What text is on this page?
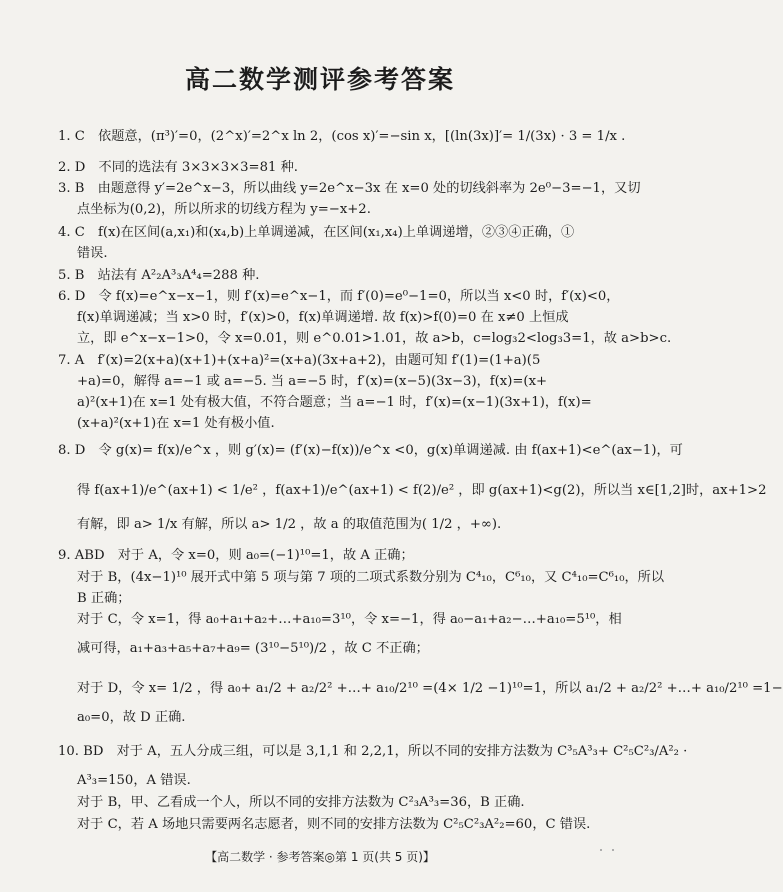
高二数学测评参考答案
1. C　依题意，(π³)′=0，(2^x)′=2^x ln 2，(cos x)′=−sin x，[(ln(3x)]′= 1/(3x) · 3 = 1/x .
2. D　不同的选法有 3×3×3×3=81 种.
3. B　由题意得 y′=2e^x−3，所以曲线 y=2e^x−3x 在 x=0 处的切线斜率为 2e⁰−3=−1，又切
点坐标为(0,2)，所以所求的切线方程为 y=−x+2.
4. C　f(x)在区间(a,x₁)和(x₄,b)上单调递减，在区间(x₁,x₄)上单调递增，②③④正确，①
错误.
5. B　站法有 A²₂A³₃A⁴₄=288 种.
6. D　令 f(x)=e^x−x−1，则 f′(x)=e^x−1，而 f′(0)=e⁰−1=0，所以当 x<0 时，f′(x)<0，
f(x)单调递减；当 x>0 时，f′(x)>0，f(x)单调递增. 故 f(x)>f(0)=0 在 x≠0 上恒成
立，即 e^x−x−1>0，令 x=0.01，则 e^0.01>1.01，故 a>b，c=log₃2<log₃3=1，故 a>b>c.
7. A　f′(x)=2(x+a)(x+1)+(x+a)²=(x+a)(3x+a+2)，由题可知 f′(1)=(1+a)(5
+a)=0，解得 a=−1 或 a=−5. 当 a=−5 时，f′(x)=(x−5)(3x−3)，f(x)=(x+
a)²(x+1)在 x=1 处有极大值，不符合题意；当 a=−1 时，f′(x)=(x−1)(3x+1)，f(x)=
(x+a)²(x+1)在 x=1 处有极小值.
8. D　令 g(x)= f(x)/e^x ，则 g′(x)= (f′(x)−f(x))/e^x <0，g(x)单调递减. 由 f(ax+1)<e^(ax−1)，可
得 f(ax+1)/e^(ax+1) < 1/e² ，f(ax+1)/e^(ax+1) < f(2)/e² ，即 g(ax+1)<g(2)，所以当 x∈[1,2]时，ax+1>2
有解，即 a> 1/x 有解，所以 a> 1/2 ，故 a 的取值范围为( 1/2 ，+∞).
9. ABD　对于 A，令 x=0，则 a₀=(−1)¹⁰=1，故 A 正确；
对于 B，(4x−1)¹⁰ 展开式中第 5 项与第 7 项的二项式系数分别为 C⁴₁₀，C⁶₁₀，又 C⁴₁₀=C⁶₁₀，所以
B 正确；
对于 C，令 x=1，得 a₀+a₁+a₂+…+a₁₀=3¹⁰，令 x=−1，得 a₀−a₁+a₂−…+a₁₀=5¹⁰，相
减可得，a₁+a₃+a₅+a₇+a₉= (3¹⁰−5¹⁰)/2 ，故 C 不正确；
对于 D，令 x= 1/2 ，得 a₀+ a₁/2 + a₂/2² +…+ a₁₀/2¹⁰ =(4× 1/2 −1)¹⁰=1，所以 a₁/2 + a₂/2² +…+ a₁₀/2¹⁰ =1−
a₀=0，故 D 正确.
10. BD　对于 A，五人分成三组，可以是 3,1,1 和 2,2,1，所以不同的安排方法数为 C³₅A³₃+ C²₅C²₃/A²₂ ·
A³₃=150，A 错误.
对于 B，甲、乙看成一个人，所以不同的安排方法数为 C²₃A³₃=36，B 正确.
对于 C，若 A 场地只需要两名志愿者，则不同的安排方法数为 C²₅C²₃A²₂=60，C 错误.
【高二数学 · 参考答案◎第 1 页(共 5 页)】
